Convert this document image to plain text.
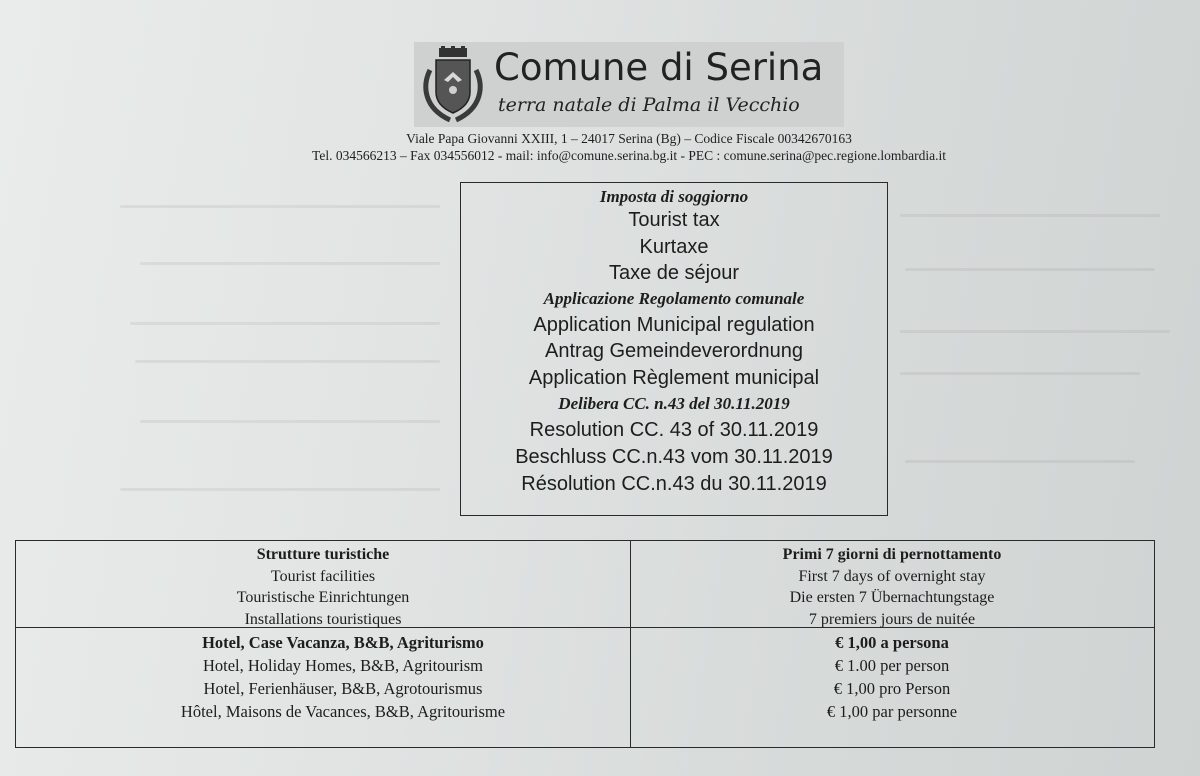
Comune di Serina
terra natale di Palma il Vecchio
Viale Papa Giovanni XXIII, 1 – 24017 Serina (Bg) – Codice Fiscale 00342670163
Tel. 034566213 – Fax 034556012 - mail: info@comune.serina.bg.it - PEC : comune.serina@pec.regione.lombardia.it
Imposta di soggiorno
Tourist tax
Kurtaxe
Taxe de séjour
Applicazione Regolamento comunale
Application Municipal regulation
Antrag Gemeindeverordnung
Application Règlement municipal
Delibera CC. n.43 del 30.11.2019
Resolution CC. 43 of 30.11.2019
Beschluss CC.n.43 vom 30.11.2019
Résolution CC.n.43 du 30.11.2019
Strutture turistiche
Tourist facilities
Touristische Einrichtungen
Installations touristiques
Primi 7 giorni di pernottamento
First 7 days of overnight stay
Die ersten 7 Übernachtungstage
7 premiers jours de nuitée
Hotel, Case Vacanza, B&B, Agriturismo
Hotel, Holiday Homes, B&B, Agritourism
Hotel, Ferienhäuser, B&B, Agrotourismus
Hôtel, Maisons de Vacances, B&B, Agritourisme
€ 1,00 a persona
€ 1.00 per person
€ 1,00 pro Person
€ 1,00 par personne
